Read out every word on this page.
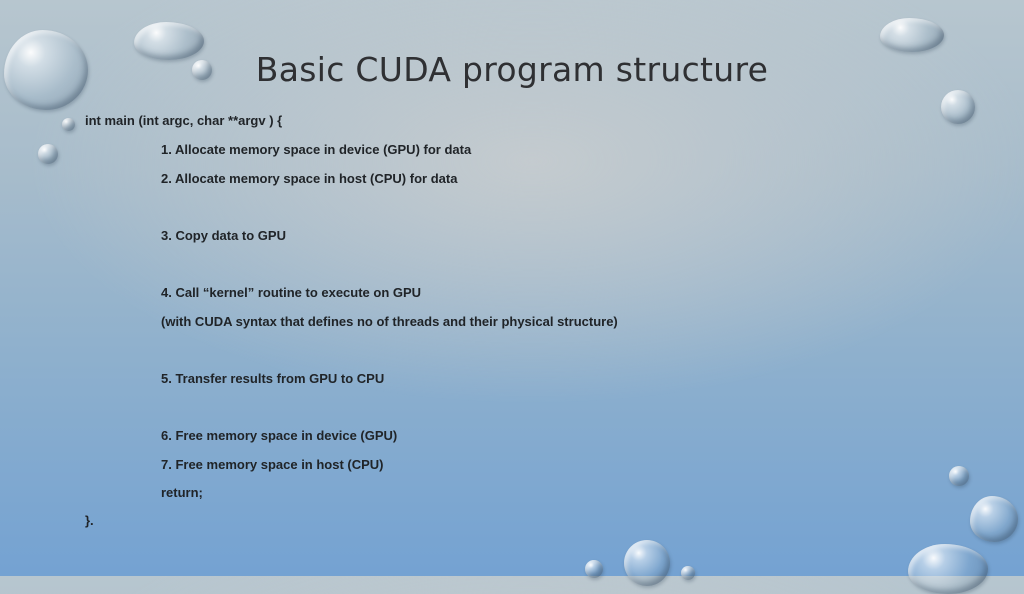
Basic CUDA program structure
int main (int argc, char **argv ) {
1. Allocate memory space in device (GPU) for data
2. Allocate memory space in host (CPU) for data
3. Copy data to GPU
4. Call “kernel” routine to execute on GPU
(with CUDA syntax that defines no of threads and their physical structure)
5. Transfer results from GPU to CPU
6. Free memory space in device (GPU)
7. Free memory space in host (CPU)
return;
}.
